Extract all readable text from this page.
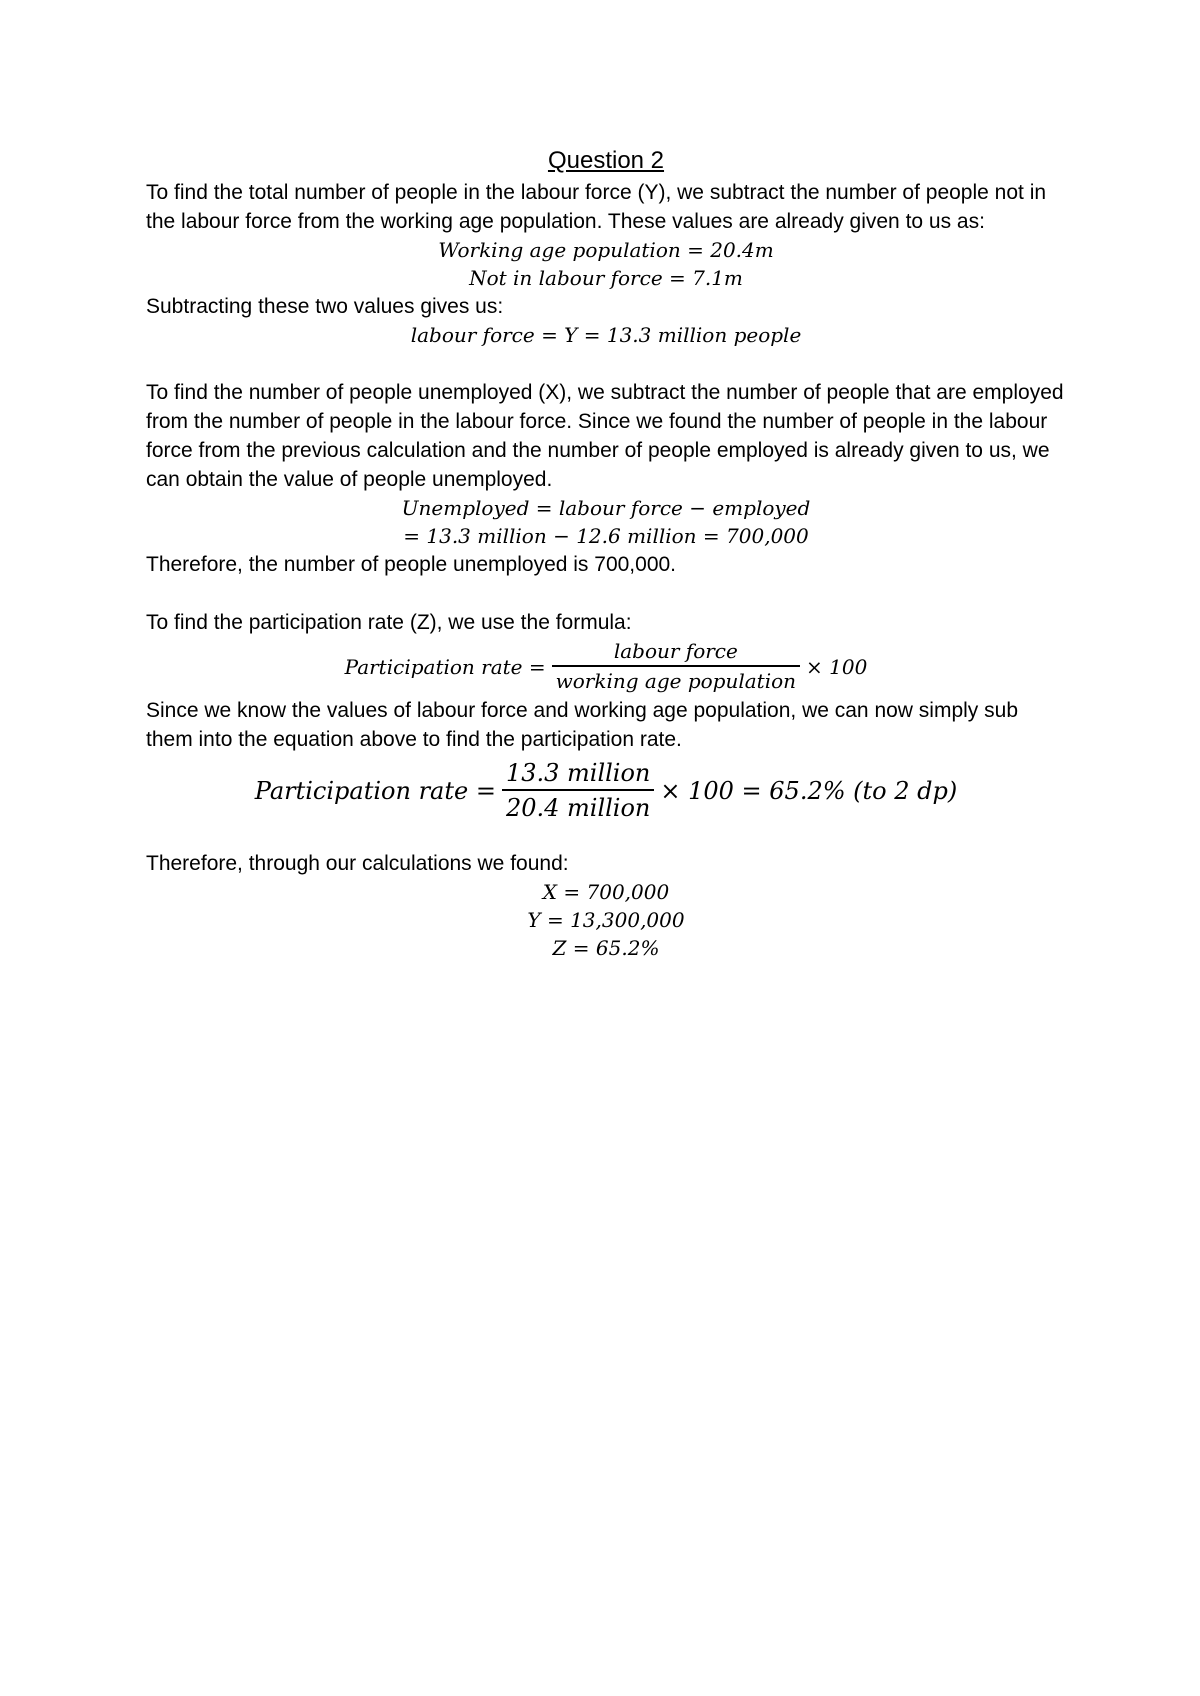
Question 2

To find the total number of people in the labour force (Y), we subtract the number of people not in the labour force from the working age population. These values are already given to us as:

Working age population = 20.4m

Not in labour force = 7.1m

Subtracting these two values gives us:

labour force = Y = 13.3 million people

To find the number of people unemployed (X), we subtract the number of people that are employed from the number of people in the labour force. Since we found the number of people in the labour force from the previous calculation and the number of people employed is already given to us, we can obtain the value of people unemployed.

Unemployed = labour force − employed

= 13.3 million − 12.6 million = 700,000

Therefore, the number of people unemployed is 700,000.

To find the participation rate (Z), we use the formula:

Participation rate = $\frac{\text{labour force}}{\text{working age population}} \times 100$

Since we know the values of labour force and working age population, we can now simply sub them into the equation above to find the participation rate.

Participation rate = $\frac{\text{13.3 million}}{\text{20.4 million}} \times 100 = 65.2\%$ (to 2 dp)

Therefore, through our calculations we found:

X = 700,000

Y = 13,300,000

Z = 65.2%
